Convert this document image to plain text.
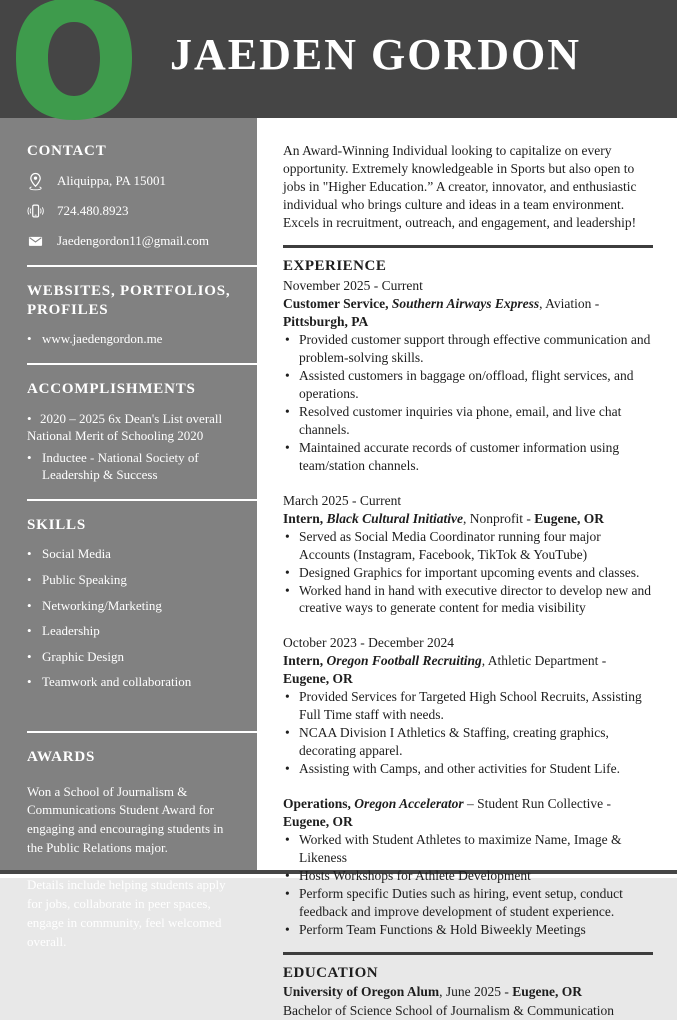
JAEDEN GORDON
CONTACT
Aliquippa, PA 15001
724.480.8923
Jaedengordon11@gmail.com
WEBSITES, PORTFOLIOS, PROFILES
• www.jaedengordon.me
ACCOMPLISHMENTS
• 2020 – 2025 6x Dean's List overall National Merit of Schooling 2020
• Inductee - National Society of Leadership & Success
SKILLS
• Social Media
• Public Speaking
• Networking/Marketing
• Leadership
• Graphic Design
• Teamwork and collaboration
AWARDS

Won a School of Journalism & Communications Student Award for engaging and encouraging students in the Public Relations major.

Details include helping students apply for jobs, collaborate in peer spaces, engage in community, feel welcomed overall.

An Award-Winning Individual looking to capitalize on every opportunity. Extremely knowledgeable in Sports but also open to jobs in "Higher Education.” A creator, innovator, and enthusiastic individual who brings culture and ideas in a team environment. Excels in recruitment, outreach, and engagement, and leadership!

EXPERIENCE
November 2025 - Current
Customer Service, Southern Airways Express, Aviation - Pittsburgh, PA
• Provided customer support through effective communication and problem-solving skills.
• Assisted customers in baggage on/offload, flight services, and operations.
• Resolved customer inquiries via phone, email, and live chat channels.
• Maintained accurate records of customer information using team/station channels.
March 2025 - Current
Intern, Black Cultural Initiative, Nonprofit - Eugene, OR
• Served as Social Media Coordinator running four major Accounts (Instagram, Facebook, TikTok & YouTube)
• Designed Graphics for important upcoming events and classes.
• Worked hand in hand with executive director to develop new and creative ways to generate content for media visibility
October 2023 - December 2024
Intern, Oregon Football Recruiting, Athletic Department - Eugene, OR
• Provided Services for Targeted High School Recruits, Assisting Full Time staff with needs.
• NCAA Division I Athletics & Staffing, creating graphics, decorating apparel.
• Assisting with Camps, and other activities for Student Life.
Operations, Oregon Accelerator – Student Run Collective - Eugene, OR
• Worked with Student Athletes to maximize Name, Image & Likeness
• Hosts Workshops for Athlete Development
• Perform specific Duties such as hiring, event setup, conduct feedback and improve development of student experience.
• Perform Team Functions & Hold Biweekly Meetings
EDUCATION
University of Oregon Alum, June 2025 - Eugene, OR
Bachelor of Science School of Journalism & Communication
